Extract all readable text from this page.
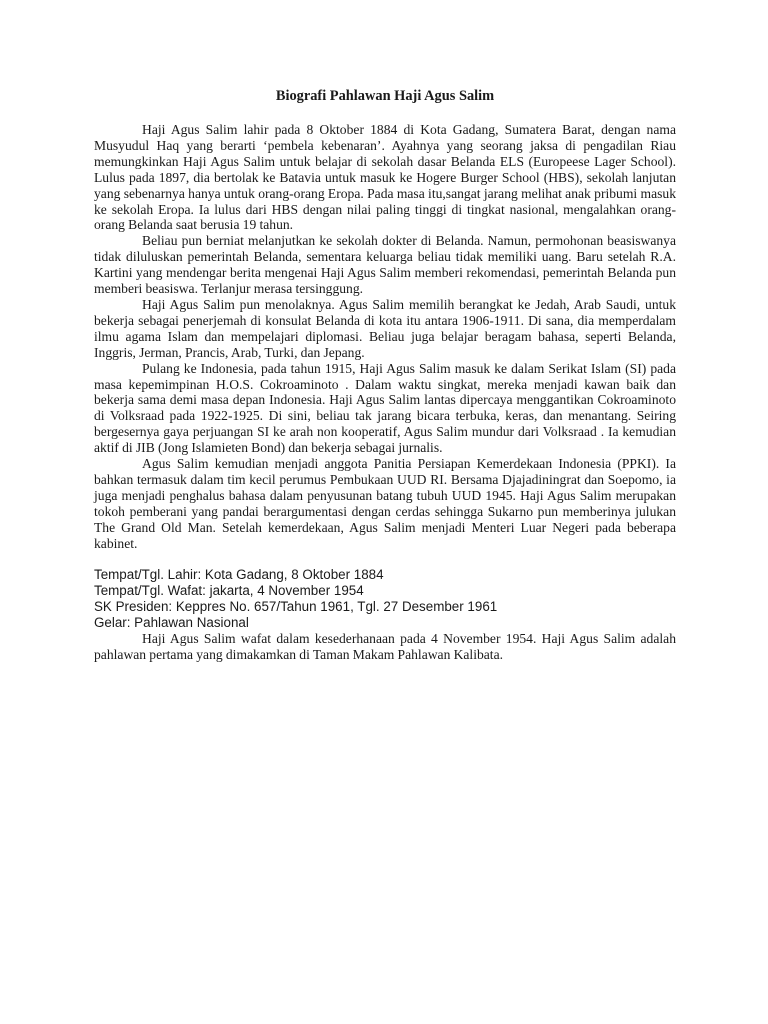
Biografi Pahlawan Haji Agus Salim

Haji Agus Salim lahir pada 8 Oktober 1884 di Kota Gadang, Sumatera Barat, dengan nama Musyudul Haq yang berarti ‘pembela kebenaran’. Ayahnya yang seorang jaksa di pengadilan Riau memungkinkan Haji Agus Salim untuk belajar di sekolah dasar Belanda ELS (Europeese Lager School). Lulus pada 1897, dia bertolak ke Batavia untuk masuk ke Hogere Burger School (HBS), sekolah lanjutan yang sebenarnya hanya untuk orang-orang Eropa. Pada masa itu,sangat jarang melihat anak pribumi masuk ke sekolah Eropa. Ia lulus dari HBS dengan nilai paling tinggi di tingkat nasional, mengalahkan orang-orang Belanda saat berusia 19 tahun.

Beliau pun berniat melanjutkan ke sekolah dokter di Belanda. Namun, permohonan beasiswanya tidak diluluskan pemerintah Belanda, sementara keluarga beliau tidak memiliki uang. Baru setelah R.A. Kartini yang mendengar berita mengenai Haji Agus Salim memberi rekomendasi, pemerintah Belanda pun memberi beasiswa. Terlanjur merasa tersinggung.

Haji Agus Salim pun menolaknya. Agus Salim memilih berangkat ke Jedah, Arab Saudi, untuk bekerja sebagai penerjemah di konsulat Belanda di kota itu antara 1906-1911. Di sana, dia memperdalam ilmu agama Islam dan mempelajari diplomasi. Beliau juga belajar beragam bahasa, seperti Belanda, Inggris, Jerman, Prancis, Arab, Turki, dan Jepang.

Pulang ke Indonesia, pada tahun 1915, Haji Agus Salim masuk ke dalam Serikat Islam (SI) pada masa kepemimpinan H.O.S. Cokroaminoto . Dalam waktu singkat, mereka menjadi kawan baik dan bekerja sama demi masa depan Indonesia. Haji Agus Salim lantas dipercaya menggantikan Cokroaminoto di Volksraad pada 1922-1925. Di sini, beliau tak jarang bicara terbuka, keras, dan menantang. Seiring bergesernya gaya perjuangan SI ke arah non kooperatif, Agus Salim mundur dari Volksraad . Ia kemudian aktif di JIB (Jong Islamieten Bond) dan bekerja sebagai jurnalis.

Agus Salim kemudian menjadi anggota Panitia Persiapan Kemerdekaan Indonesia (PPKI). Ia bahkan termasuk dalam tim kecil perumus Pembukaan UUD RI. Bersama Djajadiningrat dan Soepomo, ia juga menjadi penghalus bahasa dalam penyusunan batang tubuh UUD 1945. Haji Agus Salim merupakan tokoh pemberani yang pandai berargumentasi dengan cerdas sehingga Sukarno pun memberinya julukan The Grand Old Man. Setelah kemerdekaan, Agus Salim menjadi Menteri Luar Negeri pada beberapa kabinet.

Tempat/Tgl. Lahir: Kota Gadang, 8 Oktober 1884

Tempat/Tgl. Wafat: jakarta, 4 November 1954

SK Presiden: Keppres No. 657/Tahun 1961, Tgl. 27 Desember 1961

Gelar: Pahlawan Nasional

Haji Agus Salim wafat dalam kesederhanaan pada 4 November 1954. Haji Agus Salim adalah pahlawan pertama yang dimakamkan di Taman Makam Pahlawan Kalibata.
